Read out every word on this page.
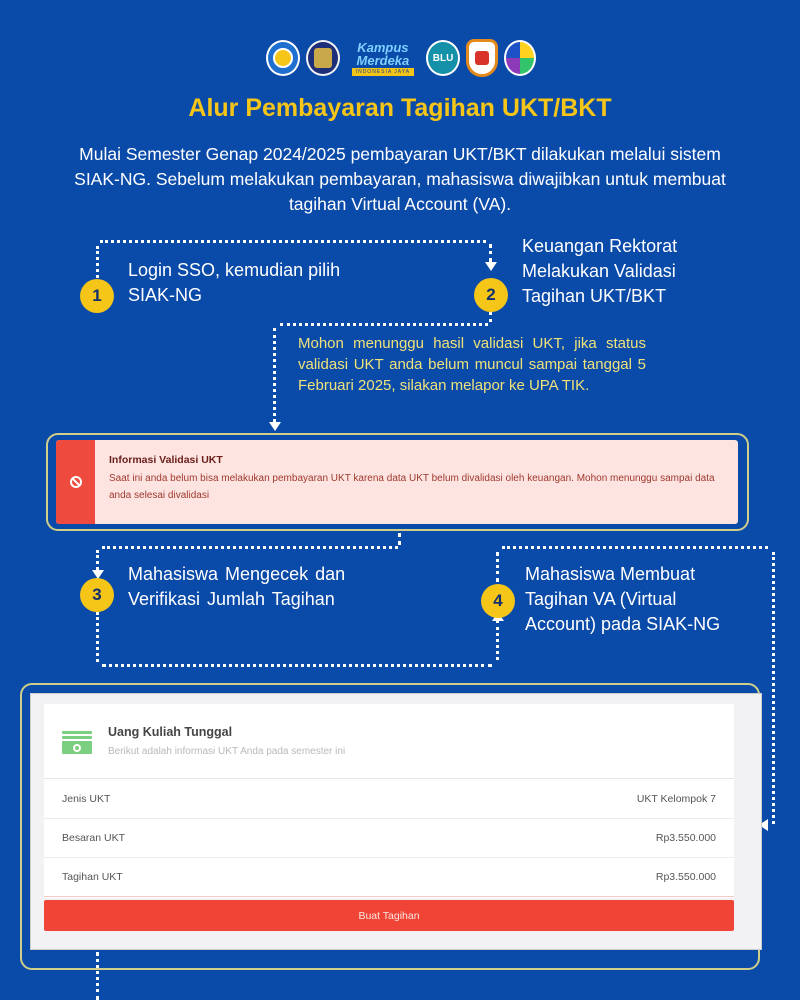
Kampus
Merdeka
INDONESIA JAYA
BLU
Alur Pembayaran Tagihan UKT/BKT
Mulai Semester Genap 2024/2025 pembayaran UKT/BKT dilakukan melalui sistem SIAK-NG. Sebelum melakukan pembayaran, mahasiswa diwajibkan untuk membuat tagihan Virtual Account (VA).
1
Login SSO, kemudian pilih SIAK-NG	2
Keuangan Rektorat Melakukan Validasi Tagihan UKT/BKT
Mohon menunggu hasil validasi UKT, jika status validasi UKT anda belum muncul sampai tanggal 5 Februari 2025, silakan melapor ke UPA TIK.
Informasi Validasi UKT
Saat ini anda belum bisa melakukan pembayaran UKT karena data UKT belum divalidasi oleh keuangan. Mohon menunggu sampai data anda selesai divalidasi
3
Mahasiswa Mengecek dan Verifikasi Jumlah Tagihan	4
Mahasiswa Membuat Tagihan VA (Virtual Account) pada SIAK-NG
Uang Kuliah Tunggal
Berikut adalah informasi UKT Anda pada semester ini
Jenis UKT	UKT Kelompok 7
Besaran UKT	Rp3.550.000
Tagihan UKT	Rp3.550.000
Buat Tagihan
